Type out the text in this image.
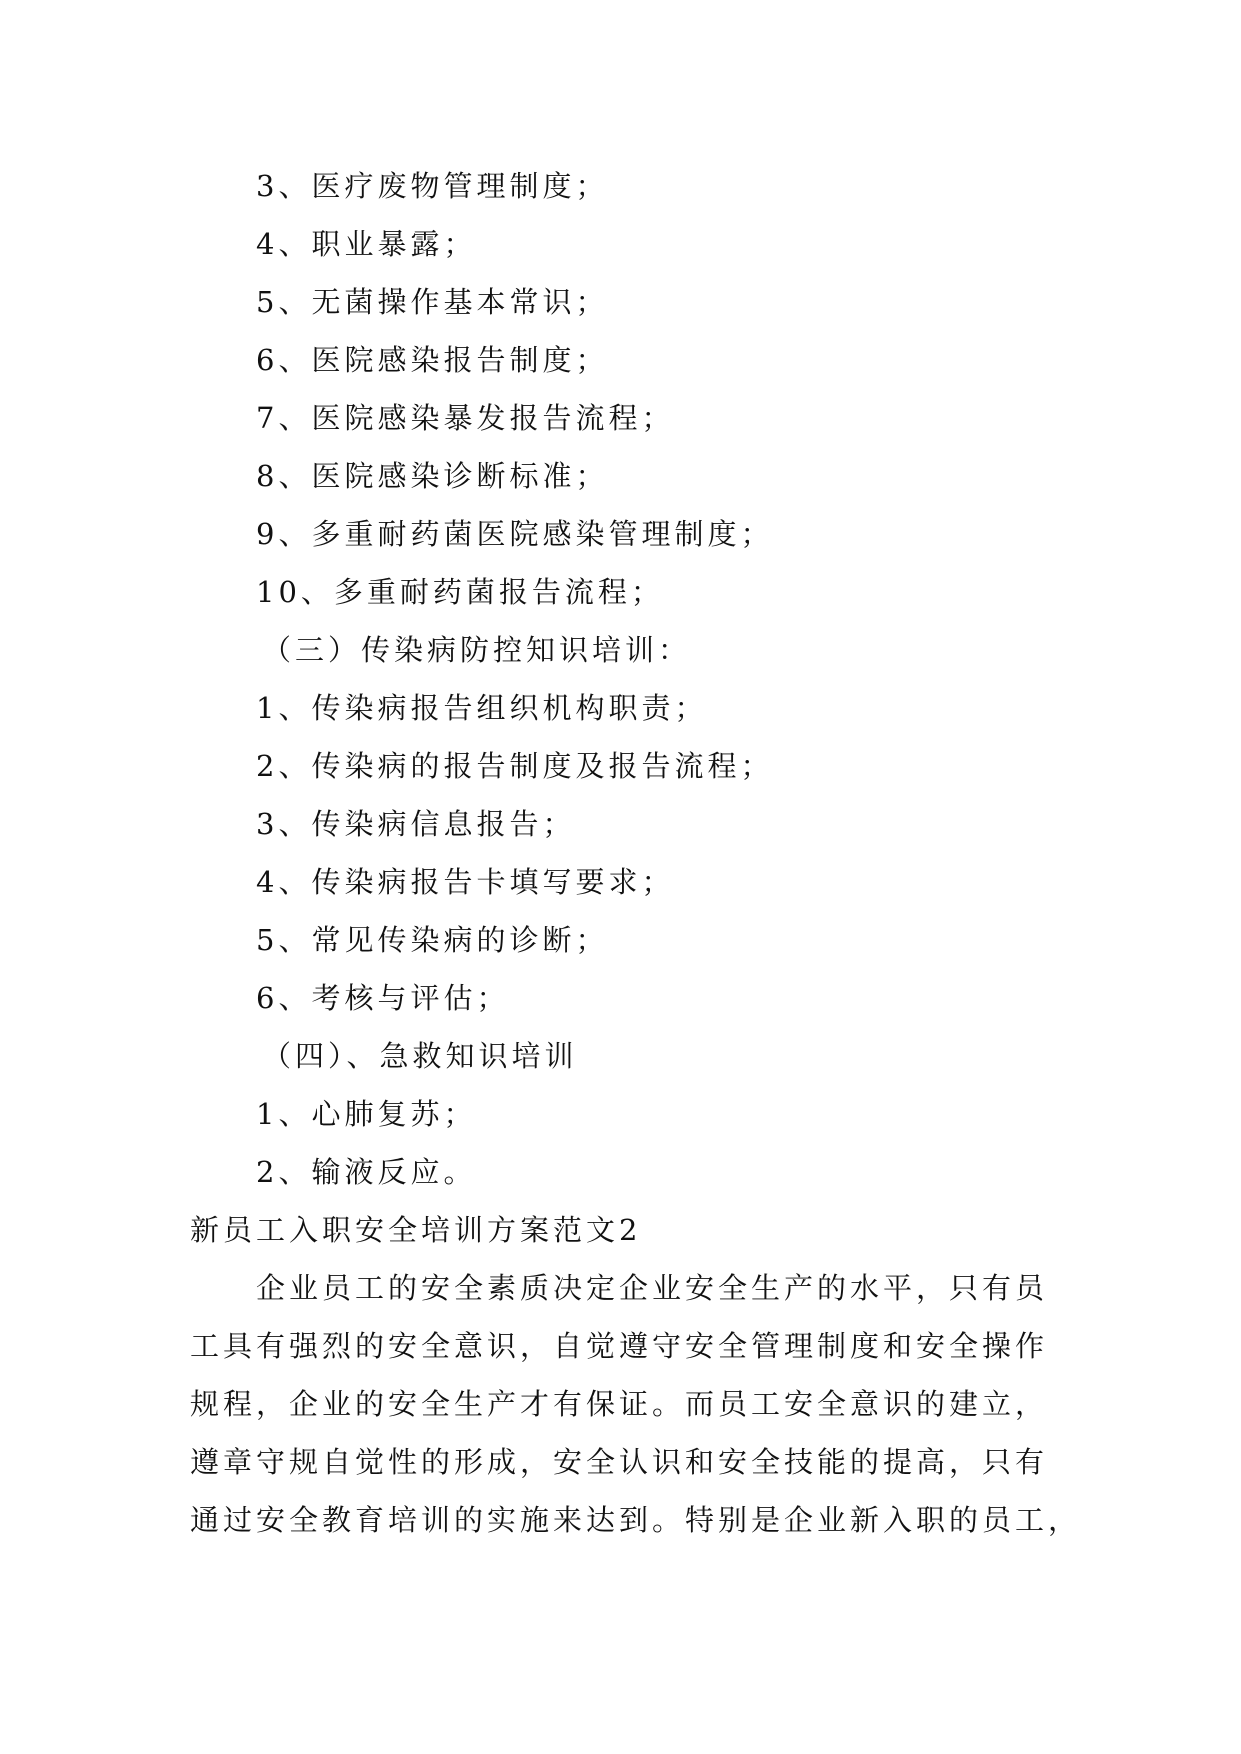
3、医疗废物管理制度；

4、职业暴露；

5、无菌操作基本常识；

6、医院感染报告制度；

7、医院感染暴发报告流程；

8、医院感染诊断标准；

9、多重耐药菌医院感染管理制度；

10、多重耐药菌报告流程；

（三）传染病防控知识培训：

1、传染病报告组织机构职责；

2、传染病的报告制度及报告流程；

3、传染病信息报告；

4、传染病报告卡填写要求；

5、常见传染病的诊断；

6、考核与评估；

（四）、急救知识培训

1、心肺复苏；

2、输液反应。

新员工入职安全培训方案范文2

企业员工的安全素质决定企业安全生产的水平，只有员

工具有强烈的安全意识，自觉遵守安全管理制度和安全操作

规程，企业的安全生产才有保证。而员工安全意识的建立，

遵章守规自觉性的形成，安全认识和安全技能的提高，只有

通过安全教育培训的实施来达到。特别是企业新入职的员工，
